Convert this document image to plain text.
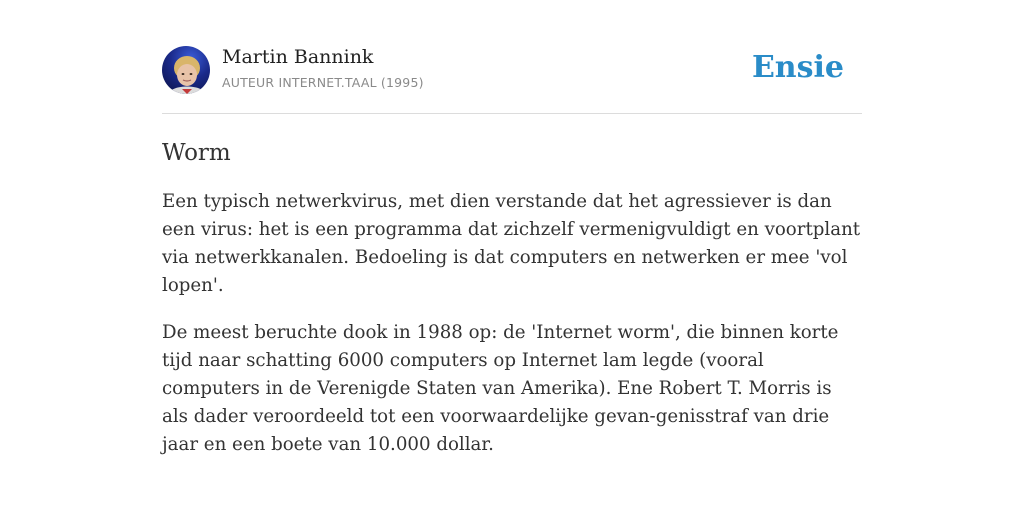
Martin Bannink
AUTEUR INTERNET.TAAL (1995)	Ensie
Worm

Een typisch netwerkvirus, met dien verstande dat het agressiever is dan een virus: het is een programma dat zichzelf vermenigvuldigt en voortplant via netwerkkanalen. Bedoeling is dat computers en netwerken er mee 'vol lopen'.

De meest beruchte dook in 1988 op: de 'Internet worm', die binnen korte tijd naar schatting 6000 computers op Internet lam legde (vooral computers in de Verenigde Staten van Amerika). Ene Robert T. Morris is als dader veroordeeld tot een voorwaardelijke gevan-genisstraf van drie jaar en een boete van 10.000 dollar.
